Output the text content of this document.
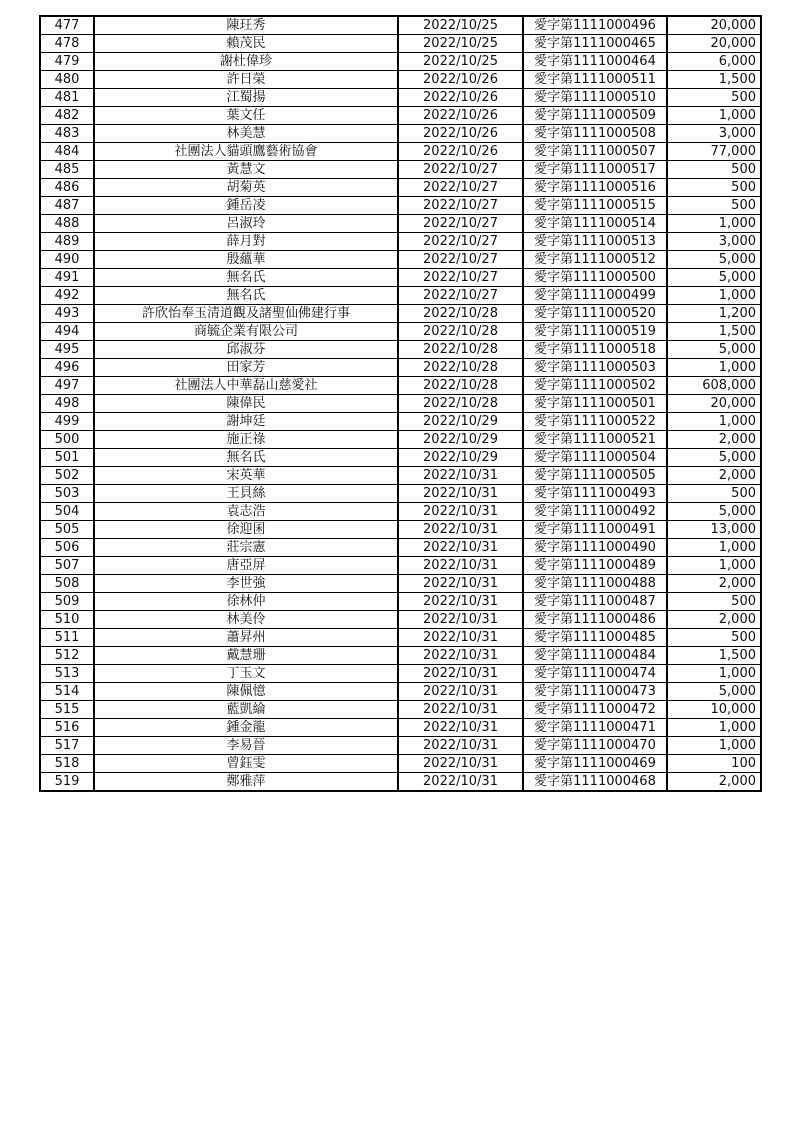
477	陳玨秀	2022/10/25	愛字第1111000496	20,000
478	賴茂民	2022/10/25	愛字第1111000465	20,000
479	謝杜偉珍	2022/10/25	愛字第1111000464	6,000
480	許日榮	2022/10/26	愛字第1111000511	1,500
481	江蜀揚	2022/10/26	愛字第1111000510	500
482	葉文任	2022/10/26	愛字第1111000509	1,000
483	林美慧	2022/10/26	愛字第1111000508	3,000
484	社團法人貓頭鷹藝術協會	2022/10/26	愛字第1111000507	77,000
485	黃慧文	2022/10/27	愛字第1111000517	500
486	胡菊英	2022/10/27	愛字第1111000516	500
487	鍾岳凌	2022/10/27	愛字第1111000515	500
488	呂淑玲	2022/10/27	愛字第1111000514	1,000
489	薛月對	2022/10/27	愛字第1111000513	3,000
490	殷蘊華	2022/10/27	愛字第1111000512	5,000
491	無名氏	2022/10/27	愛字第1111000500	5,000
492	無名氏	2022/10/27	愛字第1111000499	1,000
493	許欣怡奉玉清道觀及諸聖仙佛建行事	2022/10/28	愛字第1111000520	1,200
494	商毓企業有限公司	2022/10/28	愛字第1111000519	1,500
495	邱淑芬	2022/10/28	愛字第1111000518	5,000
496	田家芳	2022/10/28	愛字第1111000503	1,000
497	社團法人中華磊山慈愛社	2022/10/28	愛字第1111000502	608,000
498	陳偉民	2022/10/28	愛字第1111000501	20,000
499	謝坤廷	2022/10/29	愛字第1111000522	1,000
500	施正祿	2022/10/29	愛字第1111000521	2,000
501	無名氏	2022/10/29	愛字第1111000504	5,000
502	宋英華	2022/10/31	愛字第1111000505	2,000
503	王貝絲	2022/10/31	愛字第1111000493	500
504	袁志浩	2022/10/31	愛字第1111000492	5,000
505	徐迎囷	2022/10/31	愛字第1111000491	13,000
506	莊宗憲	2022/10/31	愛字第1111000490	1,000
507	唐亞屏	2022/10/31	愛字第1111000489	1,000
508	李世強	2022/10/31	愛字第1111000488	2,000
509	徐林仲	2022/10/31	愛字第1111000487	500
510	林美伶	2022/10/31	愛字第1111000486	2,000
511	蕭昇州	2022/10/31	愛字第1111000485	500
512	戴慧珊	2022/10/31	愛字第1111000484	1,500
513	丁玉文	2022/10/31	愛字第1111000474	1,000
514	陳佩憶	2022/10/31	愛字第1111000473	5,000
515	藍凱綸	2022/10/31	愛字第1111000472	10,000
516	鍾金龍	2022/10/31	愛字第1111000471	1,000
517	李易晉	2022/10/31	愛字第1111000470	1,000
518	曾鈺雯	2022/10/31	愛字第1111000469	100
519	鄭雅萍	2022/10/31	愛字第1111000468	2,000
